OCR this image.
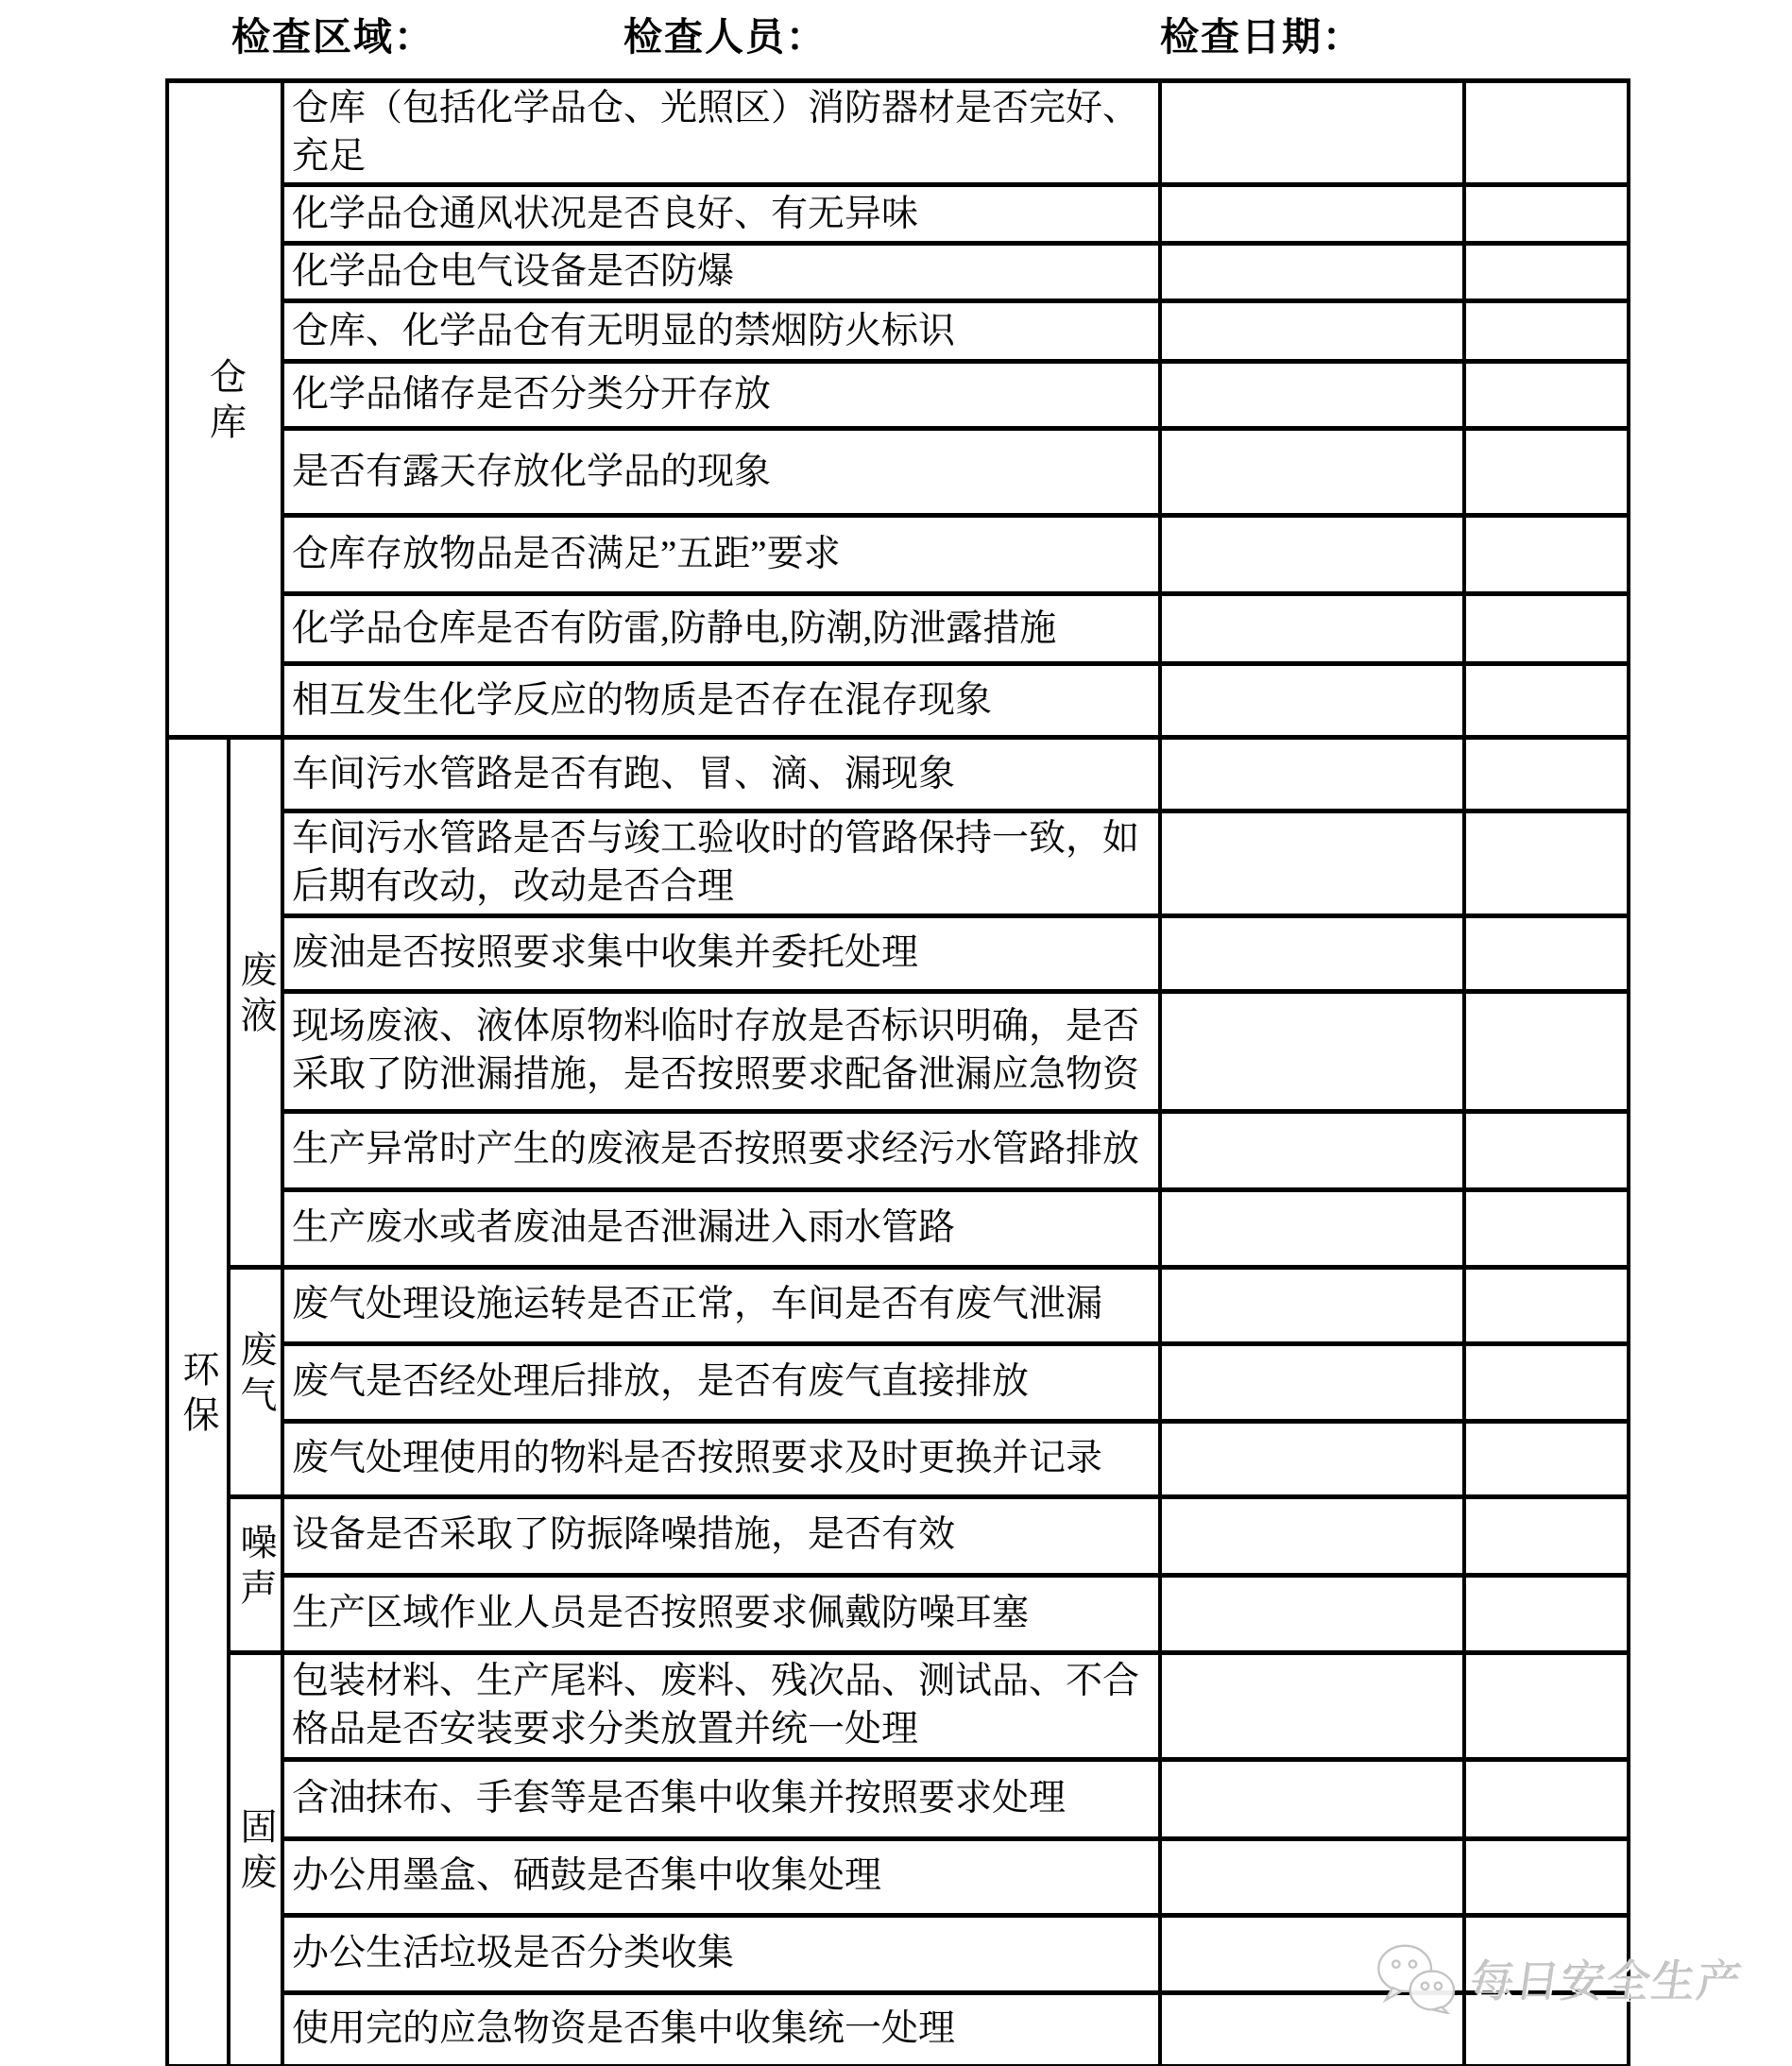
检查区域：	检查人员：	检查日期：
仓库		仓库（包括化学品仓、光照区）消防器材是否完好、充足		
		化学品仓通风状况是否良好、有无异味		
		化学品仓电气设备是否防爆		
		仓库、化学品仓有无明显的禁烟防火标识		
		化学品储存是否分类分开存放		
		是否有露天存放化学品的现象		
		仓库存放物品是否满足”五距”要求		
		化学品仓库是否有防雷,防静电,防潮,防泄露措施		
		相互发生化学反应的物质是否存在混存现象		
环保	废液	车间污水管路是否有跑、冒、滴、漏现象		
		车间污水管路是否与竣工验收时的管路保持一致，如后期有改动，改动是否合理		
		废油是否按照要求集中收集并委托处理		
		现场废液、液体原物料临时存放是否标识明确，是否采取了防泄漏措施，是否按照要求配备泄漏应急物资		
		生产异常时产生的废液是否按照要求经污水管路排放		
		生产废水或者废油是否泄漏进入雨水管路		
	废气	废气处理设施运转是否正常，车间是否有废气泄漏		
		废气是否经处理后排放，是否有废气直接排放		
		废气处理使用的物料是否按照要求及时更换并记录		
	噪声	设备是否采取了防振降噪措施，是否有效		
		生产区域作业人员是否按照要求佩戴防噪耳塞		
	固废	包装材料、生产尾料、废料、残次品、测试品、不合格品是否安装要求分类放置并统一处理		
		含油抹布、手套等是否集中收集并按照要求处理		
		办公用墨盒、硒鼓是否集中收集处理		
		办公生活垃圾是否分类收集		
		使用完的应急物资是否集中收集统一处理		
每日安全生产
